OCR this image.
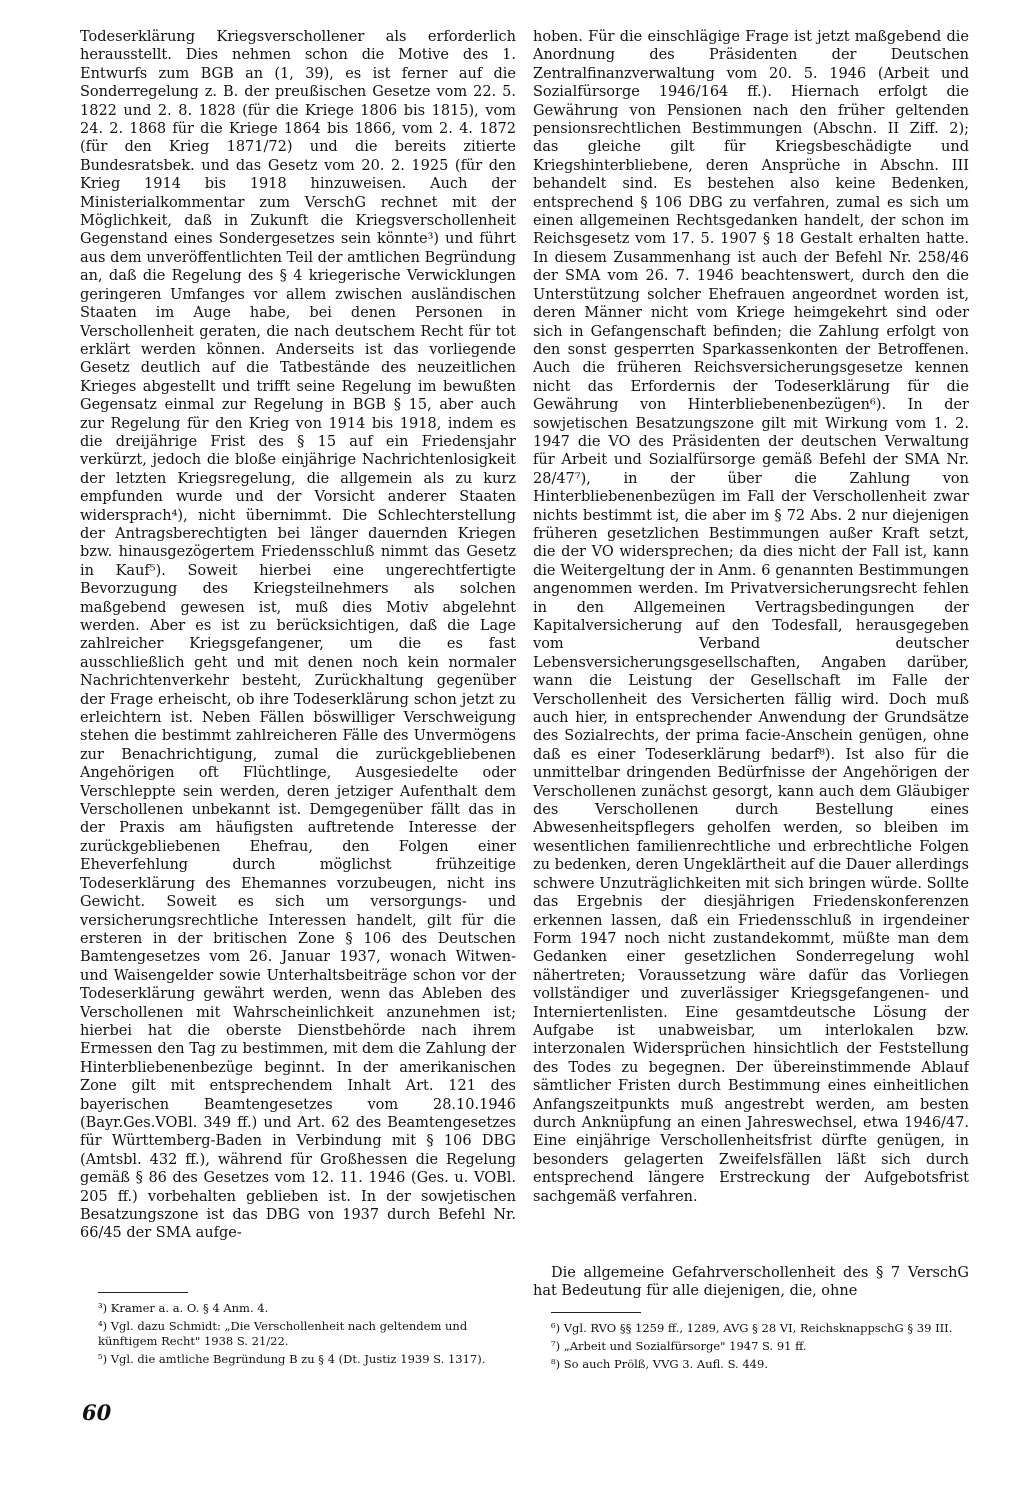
Todeserklärung Kriegsverschollener als erforderlich herausstellt. Dies nehmen schon die Motive des 1. Entwurfs zum BGB an (1, 39), es ist ferner auf die Sonderregelung z. B. der preußischen Gesetze vom 22. 5. 1822 und 2. 8. 1828 (für die Kriege 1806 bis 1815), vom 24. 2. 1868 für die Kriege 1864 bis 1866, vom 2. 4. 1872 (für den Krieg 1871/72) und die bereits zitierte Bundesratsbek. und das Gesetz vom 20. 2. 1925 (für den Krieg 1914 bis 1918 hinzuweisen. Auch der Ministerialkommentar zum VerschG rechnet mit der Möglichkeit, daß in Zukunft die Kriegsverschollenheit Gegenstand eines Sondergesetzes sein könnte³) und führt aus dem unveröffentlichten Teil der amtlichen Begründung an, daß die Regelung des § 4 kriegerische Verwicklungen geringeren Umfanges vor allem zwischen ausländischen Staaten im Auge habe, bei denen Personen in Verschollenheit geraten, die nach deutschem Recht für tot erklärt werden können. Anderseits ist das vorliegende Gesetz deutlich auf die Tatbestände des neuzeitlichen Krieges abgestellt und trifft seine Regelung im bewußten Gegensatz einmal zur Regelung in BGB § 15, aber auch zur Regelung für den Krieg von 1914 bis 1918, indem es die dreijährige Frist des § 15 auf ein Friedensjahr verkürzt, jedoch die bloße einjährige Nachrichtenlosigkeit der letzten Kriegsregelung, die allgemein als zu kurz empfunden wurde und der Vorsicht anderer Staaten widersprach⁴), nicht übernimmt. Die Schlechterstellung der Antragsberechtigten bei länger dauernden Kriegen bzw. hinausgezögertem Friedensschluß nimmt das Gesetz in Kauf⁵). Soweit hierbei eine ungerechtfertigte Bevorzugung des Kriegsteilnehmers als solchen maßgebend gewesen ist, muß dies Motiv abgelehnt werden. Aber es ist zu berücksichtigen, daß die Lage zahlreicher Kriegsgefangener, um die es fast ausschließlich geht und mit denen noch kein normaler Nachrichtenverkehr besteht, Zurückhaltung gegenüber der Frage erheischt, ob ihre Todeserklärung schon jetzt zu erleichtern ist. Neben Fällen böswilliger Verschweigung stehen die bestimmt zahlreicheren Fälle des Unvermögens zur Benachrichtigung, zumal die zurückgebliebenen Angehörigen oft Flüchtlinge, Ausgesiedelte oder Verschleppte sein werden, deren jetziger Aufenthalt dem Verschollenen unbekannt ist. Demgegenüber fällt das in der Praxis am häufigsten auftretende Interesse der zurückgebliebenen Ehefrau, den Folgen einer Eheverfehlung durch möglichst frühzeitige Todeserklärung des Ehemannes vorzubeugen, nicht ins Gewicht. Soweit es sich um versorgungs- und versicherungsrechtliche Interessen handelt, gilt für die ersteren in der britischen Zone § 106 des Deutschen Bamtengesetzes vom 26. Januar 1937, wonach Witwen- und Waisengelder sowie Unterhaltsbeiträge schon vor der Todeserklärung gewährt werden, wenn das Ableben des Verschollenen mit Wahrscheinlichkeit anzunehmen ist; hierbei hat die oberste Dienstbehörde nach ihrem Ermessen den Tag zu bestimmen, mit dem die Zahlung der Hinterbliebenenbezüge beginnt. In der amerikanischen Zone gilt mit entsprechendem Inhalt Art. 121 des bayerischen Beamtengesetzes vom 28.10.1946 (Bayr.Ges.VOBl. 349 ff.) und Art. 62 des Beamtengesetzes für Württemberg-Baden in Verbindung mit § 106 DBG (Amtsbl. 432 ff.), während für Großhessen die Regelung gemäß § 86 des Gesetzes vom 12. 11. 1946 (Ges. u. VOBl. 205 ff.) vorbehalten geblieben ist. In der sowjetischen Besatzungszone ist das DBG von 1937 durch Befehl Nr. 66/45 der SMA aufge-

³) Kramer a. a. O. § 4 Anm. 4.
⁴) Vgl. dazu Schmidt: „Die Verschollenheit nach geltendem und künftigem Recht" 1938 S. 21/22.
⁵) Vgl. die amtliche Begründung B zu § 4 (Dt. Justiz 1939 S. 1317).

hoben. Für die einschlägige Frage ist jetzt maßgebend die Anordnung des Präsidenten der Deutschen Zentralfinanzverwaltung vom 20. 5. 1946 (Arbeit und Sozialfürsorge 1946/164 ff.). Hiernach erfolgt die Gewährung von Pensionen nach den früher geltenden pensionsrechtlichen Bestimmungen (Abschn. II Ziff. 2); das gleiche gilt für Kriegsbeschädigte und Kriegshinterbliebene, deren Ansprüche in Abschn. III behandelt sind. Es bestehen also keine Bedenken, entsprechend § 106 DBG zu verfahren, zumal es sich um einen allgemeinen Rechtsgedanken handelt, der schon im Reichsgesetz vom 17. 5. 1907 § 18 Gestalt erhalten hatte. In diesem Zusammenhang ist auch der Befehl Nr. 258/46 der SMA vom 26. 7. 1946 beachtenswert, durch den die Unterstützung solcher Ehefrauen angeordnet worden ist, deren Männer nicht vom Kriege heimgekehrt sind oder sich in Gefangenschaft befinden; die Zahlung erfolgt von den sonst gesperrten Sparkassenkonten der Betroffenen. Auch die früheren Reichsversicherungsgesetze kennen nicht das Erfordernis der Todeserklärung für die Gewährung von Hinterbliebenenbezügen⁶). In der sowjetischen Besatzungszone gilt mit Wirkung vom 1. 2. 1947 die VO des Präsidenten der deutschen Verwaltung für Arbeit und Sozialfürsorge gemäß Befehl der SMA Nr. 28/47⁷), in der über die Zahlung von Hinterbliebenenbezügen im Fall der Verschollenheit zwar nichts bestimmt ist, die aber im § 72 Abs. 2 nur diejenigen früheren gesetzlichen Bestimmungen außer Kraft setzt, die der VO widersprechen; da dies nicht der Fall ist, kann die Weitergeltung der in Anm. 6 genannten Bestimmungen angenommen werden. Im Privatversicherungsrecht fehlen in den Allgemeinen Vertragsbedingungen der Kapitalversicherung auf den Todesfall, herausgegeben vom Verband deutscher Lebensversicherungsgesellschaften, Angaben darüber, wann die Leistung der Gesellschaft im Falle der Verschollenheit des Versicherten fällig wird. Doch muß auch hier, in entsprechender Anwendung der Grundsätze des Sozialrechts, der prima facie-Anschein genügen, ohne daß es einer Todeserklärung bedarf⁸). Ist also für die unmittelbar dringenden Bedürfnisse der Angehörigen der Verschollenen zunächst gesorgt, kann auch dem Gläubiger des Verschollenen durch Bestellung eines Abwesenheitspflegers geholfen werden, so bleiben im wesentlichen familienrechtliche und erbrechtliche Folgen zu bedenken, deren Ungeklärtheit auf die Dauer allerdings schwere Unzuträglichkeiten mit sich bringen würde. Sollte das Ergebnis der diesjährigen Friedenskonferenzen erkennen lassen, daß ein Friedensschluß in irgendeiner Form 1947 noch nicht zustandekommt, müßte man dem Gedanken einer gesetzlichen Sonderregelung wohl nähertreten; Voraussetzung wäre dafür das Vorliegen vollständiger und zuverlässiger Kriegsgefangenen- und Interniertenlisten. Eine gesamtdeutsche Lösung der Aufgabe ist unabweisbar, um interlokalen bzw. interzonalen Widersprüchen hinsichtlich der Feststellung des Todes zu begegnen. Der übereinstimmende Ablauf sämtlicher Fristen durch Bestimmung eines einheitlichen Anfangszeitpunkts muß angestrebt werden, am besten durch Anknüpfung an einen Jahreswechsel, etwa 1946/47. Eine einjährige Verschollenheitsfrist dürfte genügen, in besonders gelagerten Zweifelsfällen läßt sich durch entsprechend längere Erstreckung der Aufgebotsfrist sachgemäß verfahren.

Die allgemeine Gefahrverschollenheit des § 7 VerschG hat Bedeutung für alle diejenigen, die, ohne

⁶) Vgl. RVO §§ 1259 ff., 1289, AVG § 28 VI, ReichsknappschG § 39 III.
⁷) „Arbeit und Sozialfürsorge" 1947 S. 91 ff.
⁸) So auch Prölß, VVG 3. Aufl. S. 449.
60
